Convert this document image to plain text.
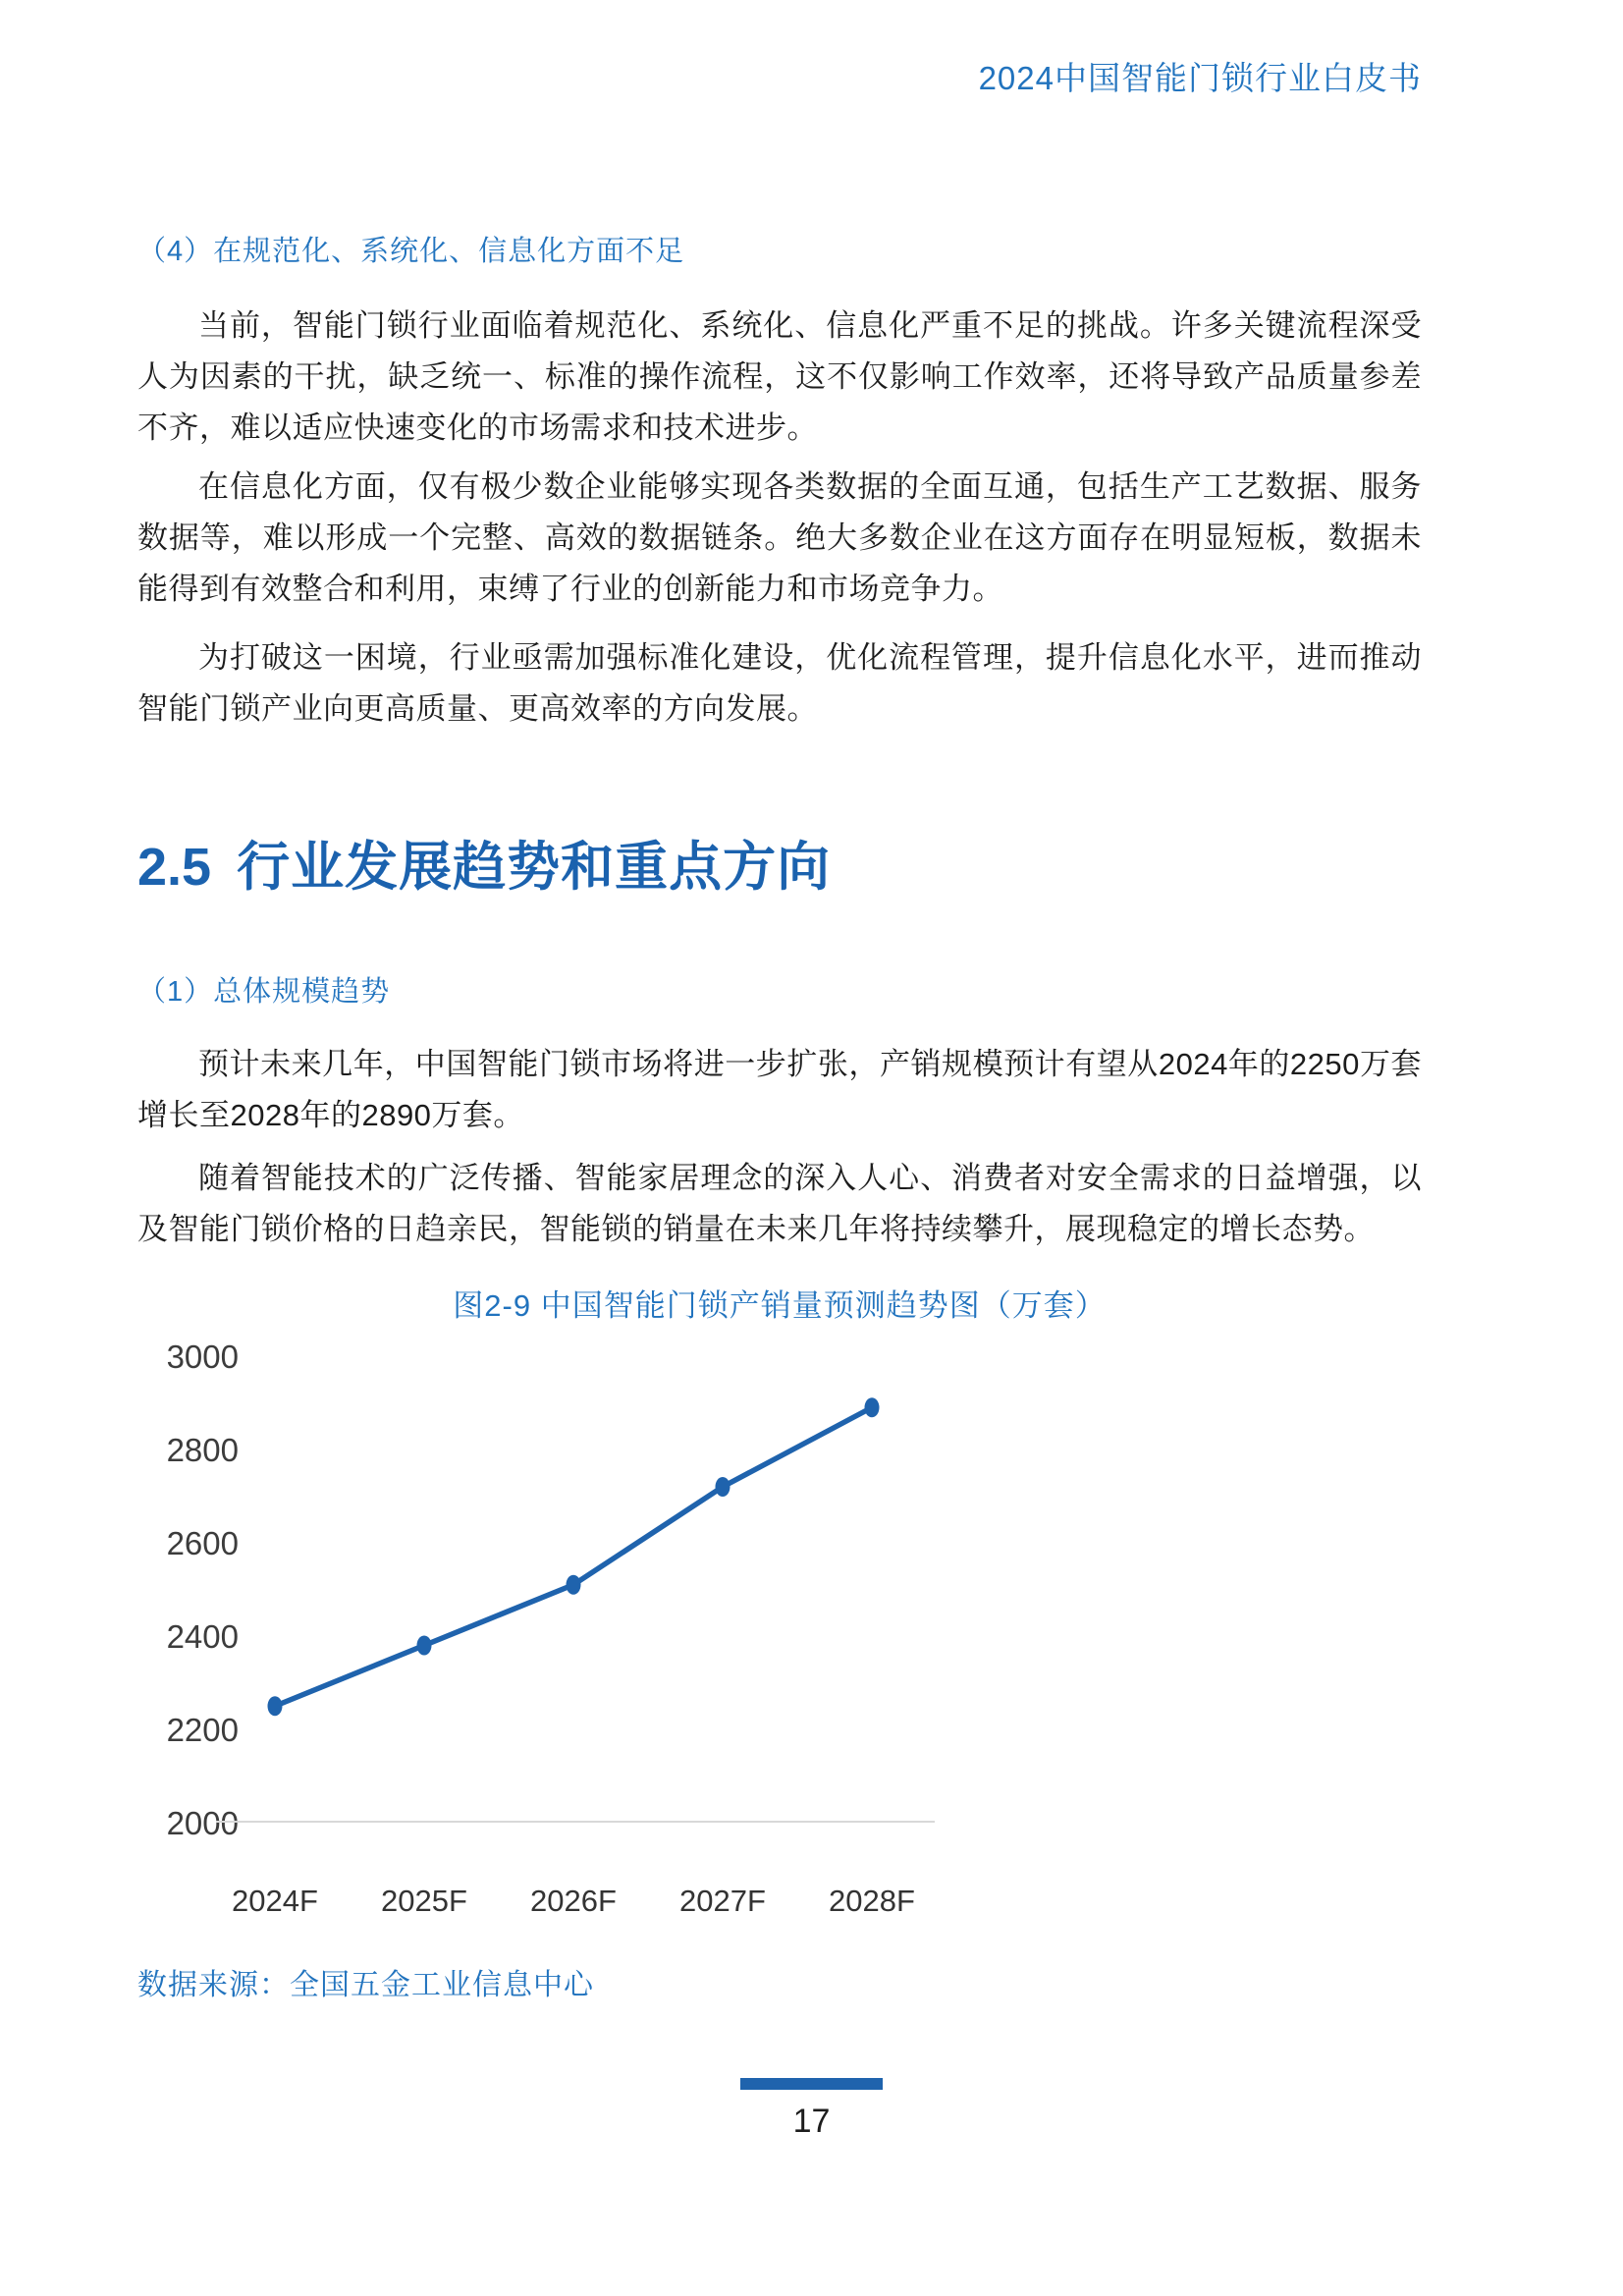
2024中国智能门锁行业白皮书
（4）在规范化、系统化、信息化方面不足

当前，智能门锁行业面临着规范化、系统化、信息化严重不足的挑战。许多关键流程深受人为因素的干扰，缺乏统一、标准的操作流程，这不仅影响工作效率，还将导致产品质量参差不齐，难以适应快速变化的市场需求和技术进步。

在信息化方面，仅有极少数企业能够实现各类数据的全面互通，包括生产工艺数据、服务数据等，难以形成一个完整、高效的数据链条。绝大多数企业在这方面存在明显短板，数据未能得到有效整合和利用，束缚了行业的创新能力和市场竞争力。

为打破这一困境，行业亟需加强标准化建设，优化流程管理，提升信息化水平，进而推动智能门锁产业向更高质量、更高效率的方向发展。

2.5 行业发展趋势和重点方向
（1）总体规模趋势

预计未来几年，中国智能门锁市场将进一步扩张，产销规模预计有望从2024年的2250万套增长至2028年的2890万套。

随着智能技术的广泛传播、智能家居理念的深入人心、消费者对安全需求的日益增强，以及智能门锁价格的日趋亲民，智能锁的销量在未来几年将持续攀升，展现稳定的增长态势。

图2-9 中国智能门锁产销量预测趋势图（万套）
3000
2800
2600
2400
2200
2000
2024F 2025F 2026F 2027F 2028F
数据来源：全国五金工业信息中心
17
